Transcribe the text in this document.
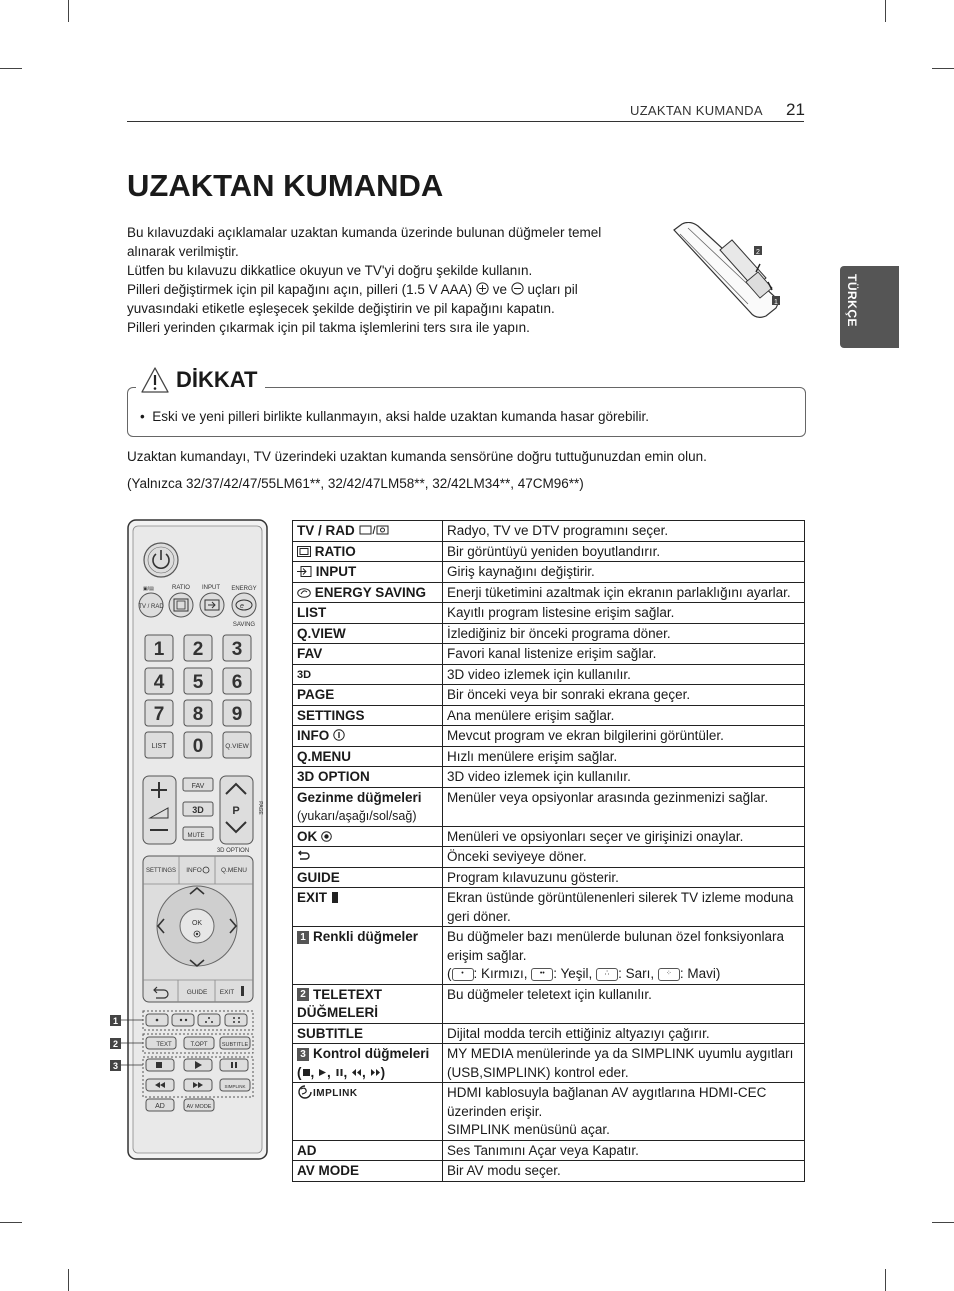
UZAKTAN KUMANDA 21
TÜRKÇE
UZAKTAN KUMANDA

Bu kılavuzdaki açıklamalar uzaktan kumanda üzerinde bulunan düğmeler temel alınarak verilmiştir.

Lütfen bu kılavuzu dikkatlice okuyun ve TV'yi doğru şekilde kullanın.

Pilleri değiştirmek için pil kapağını açın, pilleri (1.5 V AAA) ve uçları pil yuvasındaki etiketle eşleşecek şekilde değiştirin ve pil kapağını kapatın.

Pilleri yerinden çıkarmak için pil takma işlemlerini ters sıra ile yapın.

2
1
DİKKAT
•  Eski ve yeni pilleri birlikte kullanmayın, aksi halde uzaktan kumanda hasar görebilir.
Uzaktan kumandayı, TV üzerindeki uzaktan kumanda sensörüne doğru tuttuğunuzdan emin olun.
(Yalnızca 32/37/42/47/55LM61**, 32/42/47LM58**, 32/42LM34**, 47CM96**)
▣/▤	RATIO INPUT ENERGY
TV / RAD	e
SAVING
1 2 3
4 5 6
7 8 9
0
LIST	Q.VIEW
FAV
3D
MUTE
P	PAGE
3D OPTION
SETTINGS INFO	Q.MENU
OK
GUIDE EXIT
TEXT	T.OPT	SUBTITLE
SIMPLINK
AD	AV MODE
1
2
3
TV / RAD	Radyo, TV ve DTV programını seçer.
RATIO	Bir görüntüyü yeniden boyutlandırır.
INPUT	Giriş kaynağını değiştirir.
ENERGY SAVING	Enerji tüketimini azaltmak için ekranın parlaklığını ayarlar.
LIST	Kayıtlı program listesine erişim sağlar.
Q.VIEW	İzlediğiniz bir önceki programa döner.
FAV	Favori kanal listenize erişim sağlar.
3D	3D video izlemek için kullanılır.
PAGE	Bir önceki veya bir sonraki ekrana geçer.
SETTINGS	Ana menülere erişim sağlar.
INFO	Mevcut program ve ekran bilgilerini görüntüler.
Q.MENU	Hızlı menülere erişim sağlar.
3D OPTION	3D video izlemek için kullanılır.
Gezinme düğmeleri
(yukarı/aşağı/sol/sağ)	Menüler veya opsiyonlar arasında gezinmenizi sağlar.
OK	Menüleri ve opsiyonları seçer ve girişinizi onaylar.
	Önceki seviyeye döner.
GUIDE	Program kılavuzunu gösterir.
EXIT	Ekran üstünde görüntülenenleri silerek TV izleme moduna geri döner.
1 Renkli düğmeler	Bu düğmeler bazı menülerde bulunan özel fonksiyonlara erişim sağlar.
( • : Kırmızı, •• : Yeşil, ∴ : Sarı, ⁘ : Mavi)
2 TELETEXT DÜĞMELERİ	Bu düğmeler teletext için kullanılır.
SUBTITLE	Dijital modda tercih ettiğiniz altyazıyı çağırır.
3 Kontrol düğmeleri
( , , , , )	MY MEDIA menülerinde ya da SIMPLINK uyumlu aygıtları (USB,SIMPLINK) kontrol eder.

IMPLINK	HDMI kablosuyla bağlanan AV aygıtlarına HDMI-CEC üzerinden erişir.
SIMPLINK menüsünü açar.
AD	Ses Tanımını Açar veya Kapatır.
AV MODE	Bir AV modu seçer.
